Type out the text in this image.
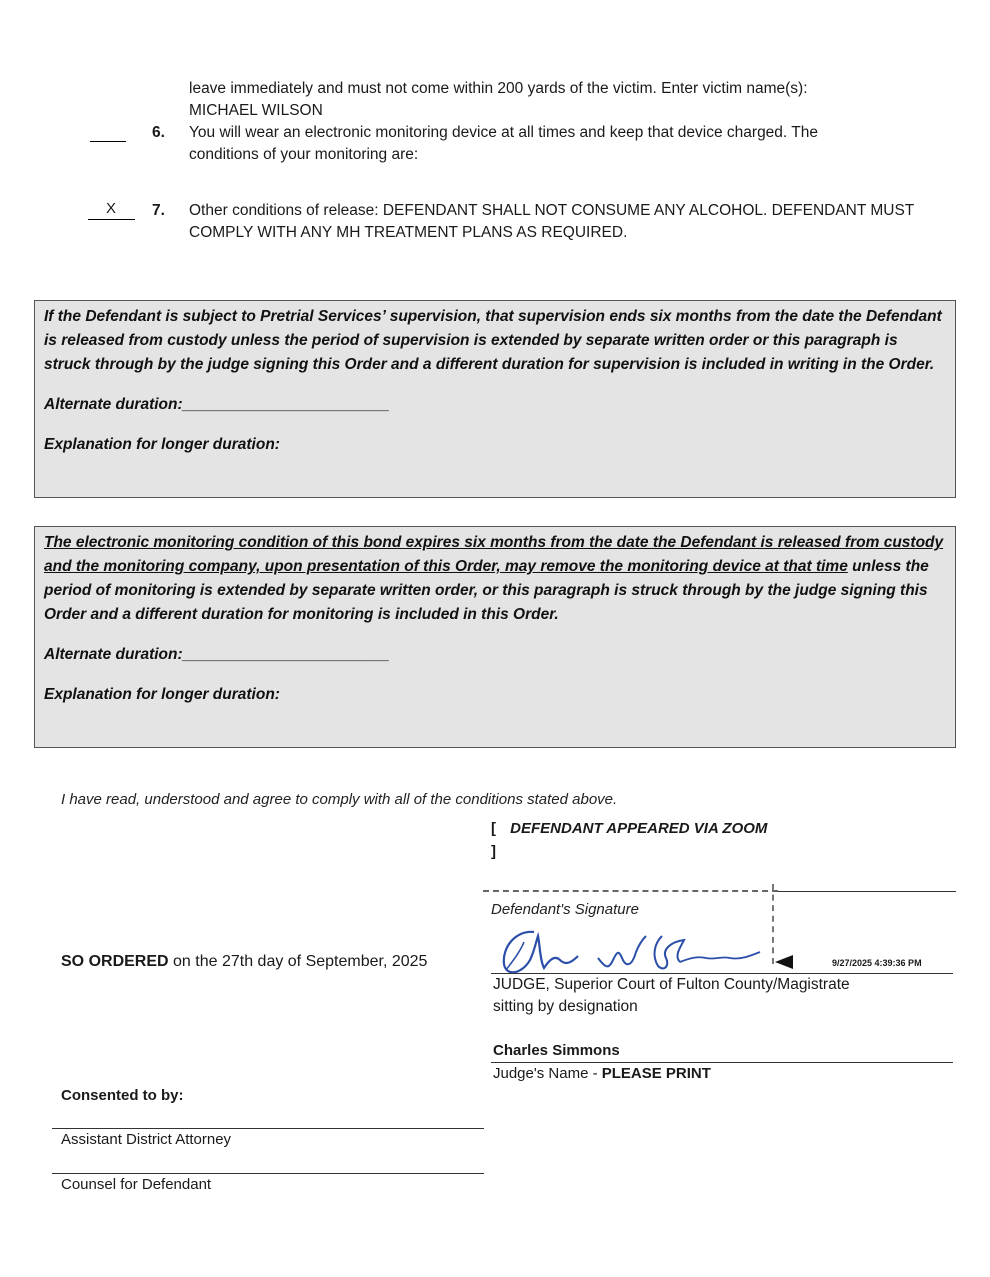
leave immediately and must not come within 200 yards of the victim. Enter victim name(s):
MICHAEL WILSON
6. You will wear an electronic monitoring device at all times and keep that device charged. The
conditions of your monitoring are:
X 7. Other conditions of release: DEFENDANT SHALL NOT CONSUME ANY ALCOHOL. DEFENDANT MUST
COMPLY WITH ANY MH TREATMENT PLANS AS REQUIRED.

If the Defendant is subject to Pretrial Services’ supervision, that supervision ends six months from the date the Defendant is released from custody unless the period of supervision is extended by separate written order or this paragraph is struck through by the judge signing this Order and a different duration for supervision is included in writing in the Order.

Alternate duration:________________________

Explanation for longer duration:

The electronic monitoring condition of this bond expires six months from the date the Defendant is released from custody and the monitoring company, upon presentation of this Order, may remove the monitoring device at that time unless the period of monitoring is extended by separate written order, or this paragraph is struck through by the judge signing this Order and a different duration for monitoring is included in this Order.

Alternate duration:________________________

Explanation for longer duration:

I have read, understood and agree to comply with all of the conditions stated above.
[ DEFENDANT APPEARED VIA ZOOM
]
Defendant's Signature
SO ORDERED on the 27th day of September, 2025	9/27/2025 4:39:36 PM
JUDGE, Superior Court of Fulton County/Magistrate
sitting by designation
Charles Simmons
Judge's Name - PLEASE PRINT
Consented to by:
Assistant District Attorney
Counsel for Defendant
